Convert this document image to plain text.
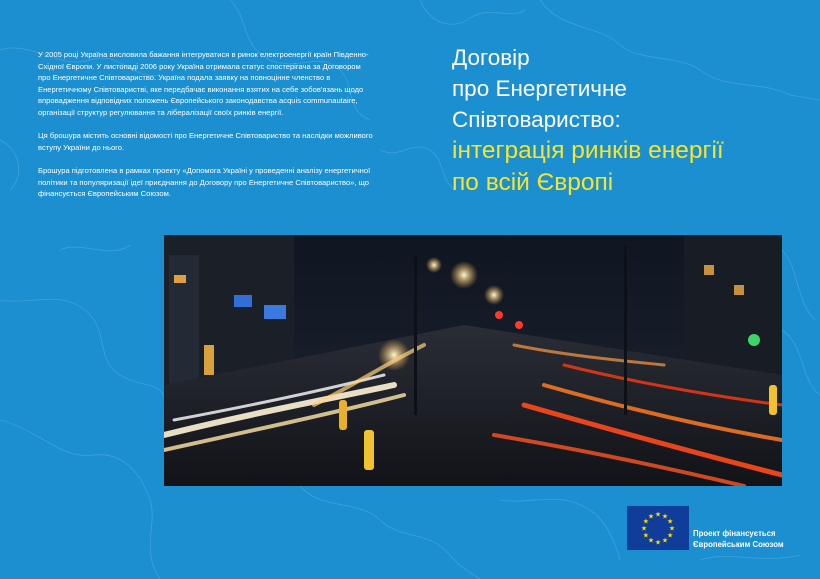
У 2005 році Україна висловила бажання інтегруватися в ринок електроенергії країн Південно-Східної Європи. У листопаді 2006 року Україна отримала статус спостерігача за Договором про Енергетичне Співтовариство. Україна подала заявку на повноцінне членство в Енергетичному Співтоваристві, яке передбачає виконання взятих на себе зобов'язань щодо впровадження відповідних положень Європейського законодавства acquis communautaire, організації структур регулювання та лібералізації своїх ринків енергії.

Ця брошура містить основні відомості про Енергетичне Співтовариство та наслідки можливого вступу України до нього.

Брошура підготовлена в рамках проекту «Допомога Україні у проведенні аналізу енергетичної політики та популяризації ідеї приєднання до Договору про Енергетичне Співтовариство», що фінансується Європейським Союзом.

Договір
про Енергетичне
Співтовариство:
інтеграція ринків енергії
по всій Європі
★ ★
★
★
★
★
★
★
★
★
★
★
Проект фінансується
Європейським Союзом
